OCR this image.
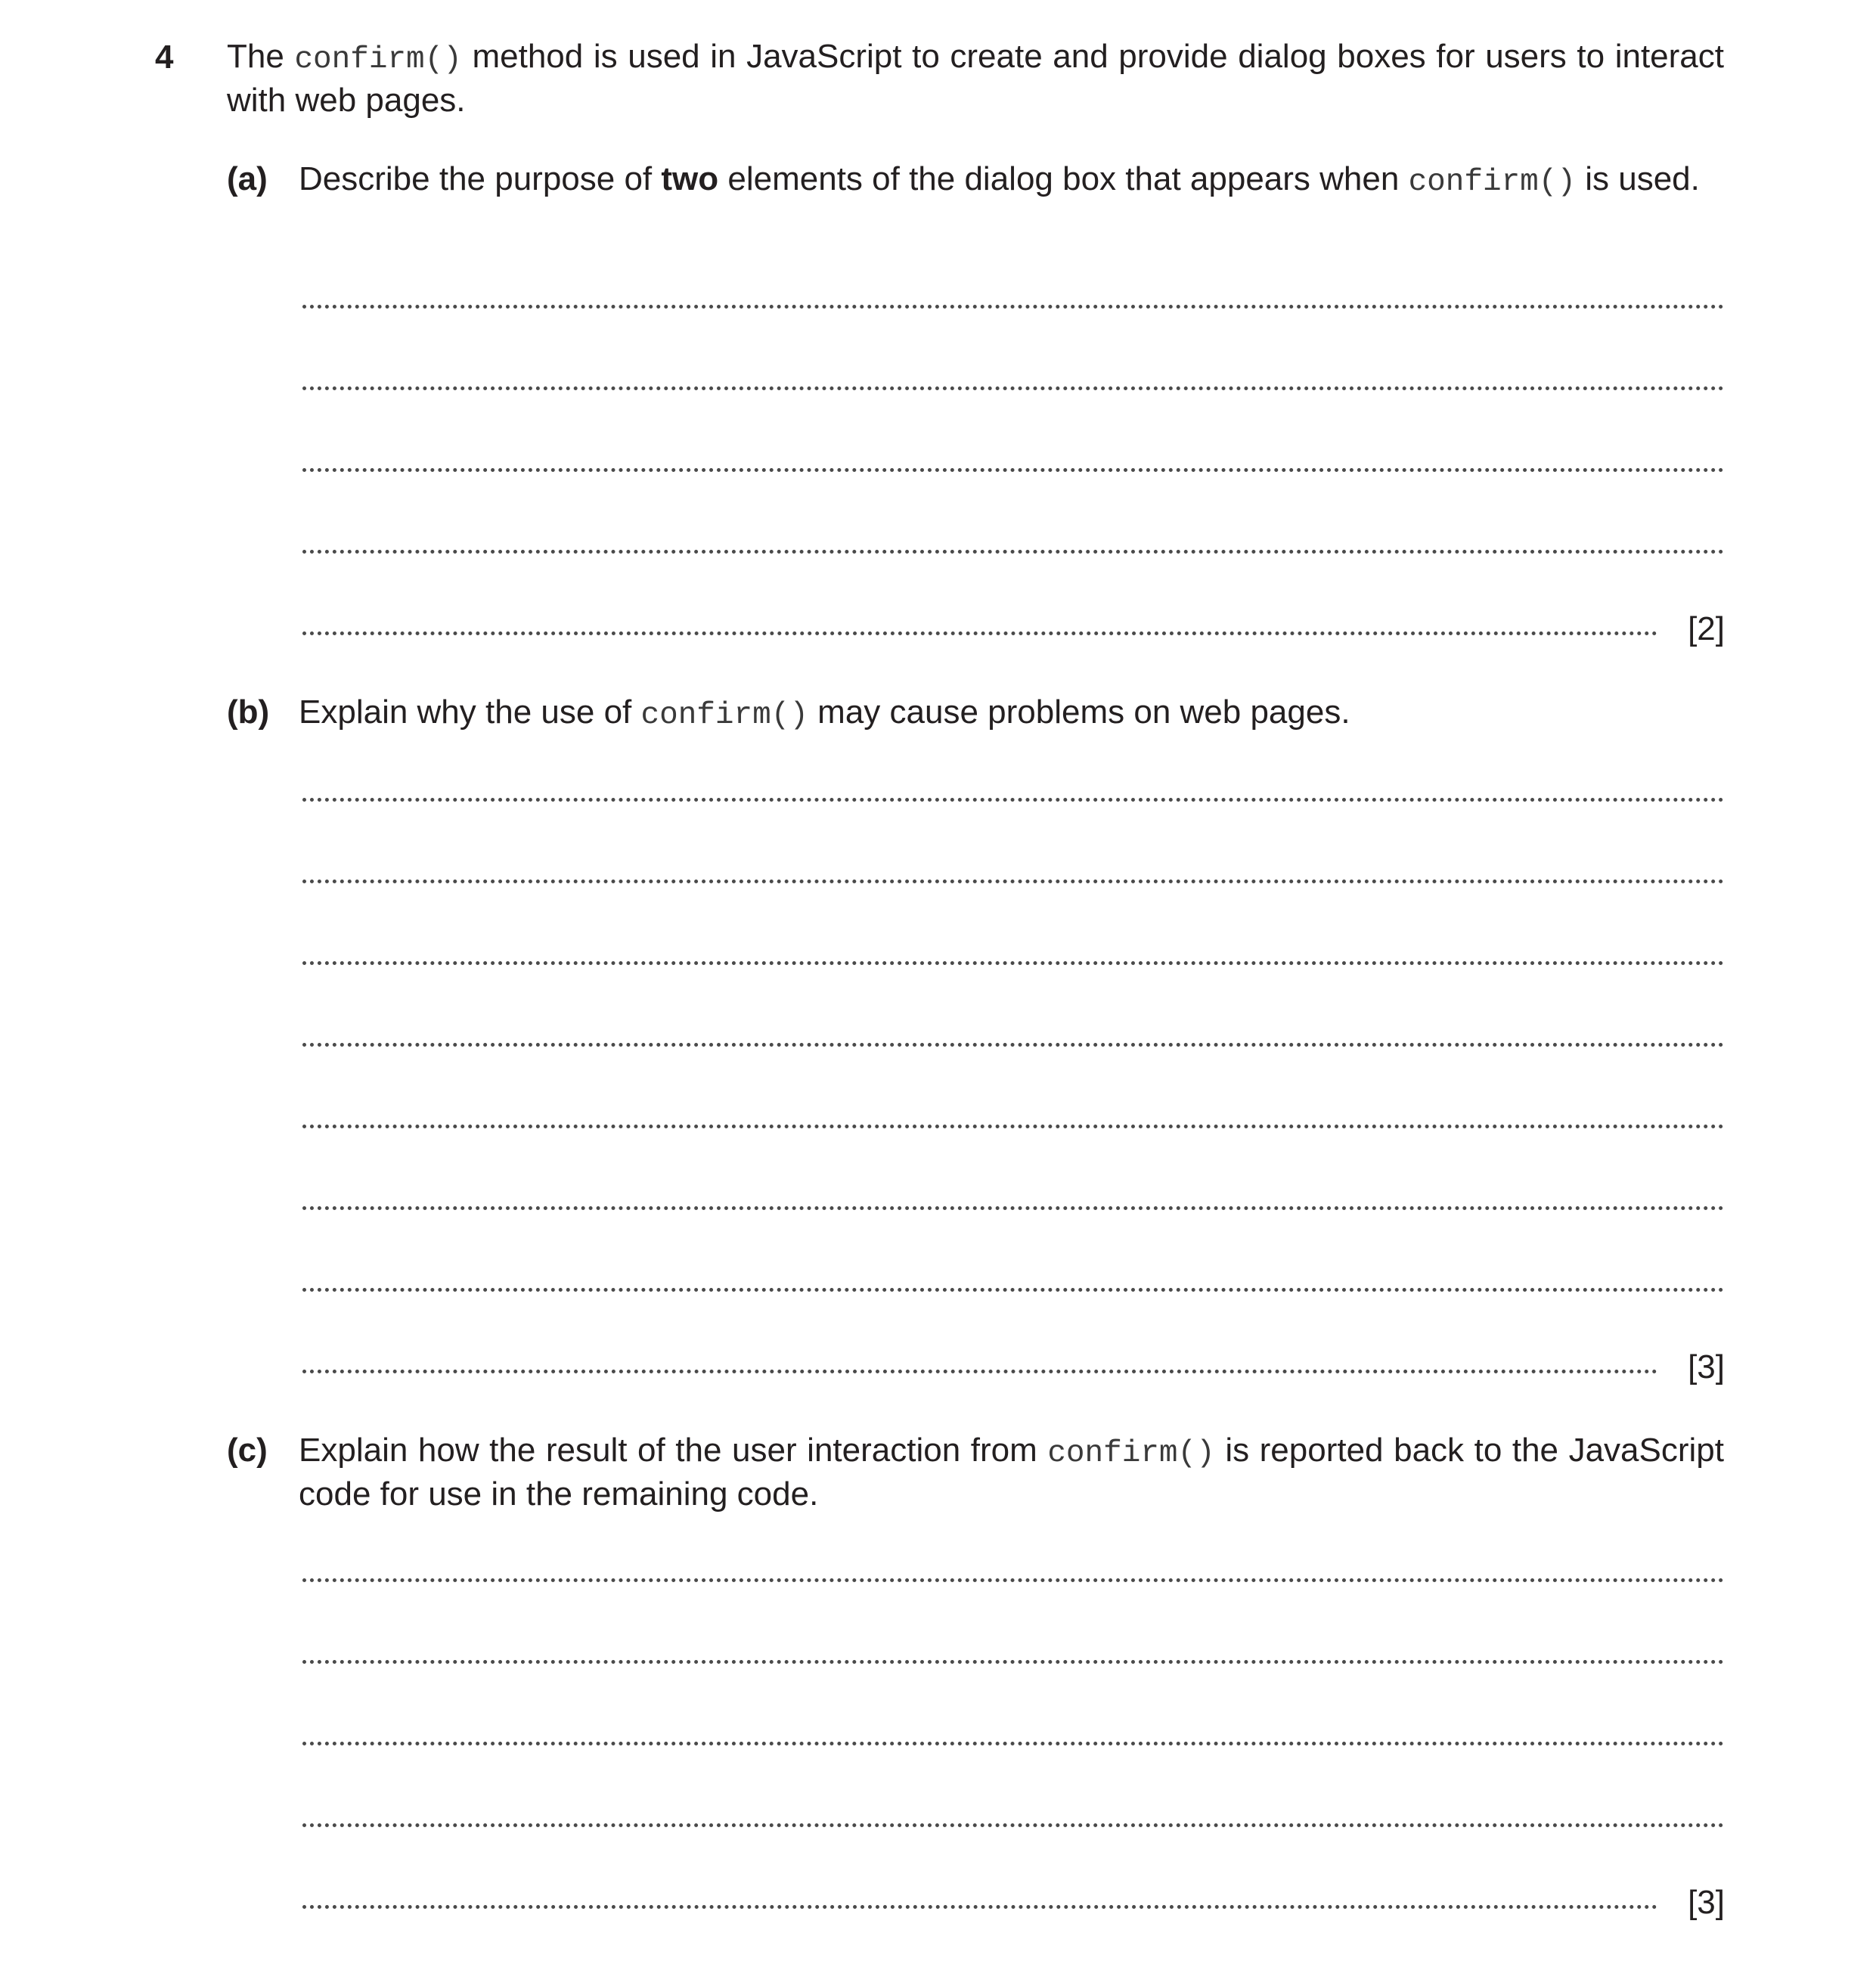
4 The confirm() method is used in JavaScript to create and provide dialog boxes for users to interact with web pages.
(a) Describe the purpose of two elements of the dialog box that appears when confirm() is used.
[2]
(b) Explain why the use of confirm() may cause problems on web pages.
[3]
(c) Explain how the result of the user interaction from confirm() is reported back to the JavaScript code for use in the remaining code.
[3]
